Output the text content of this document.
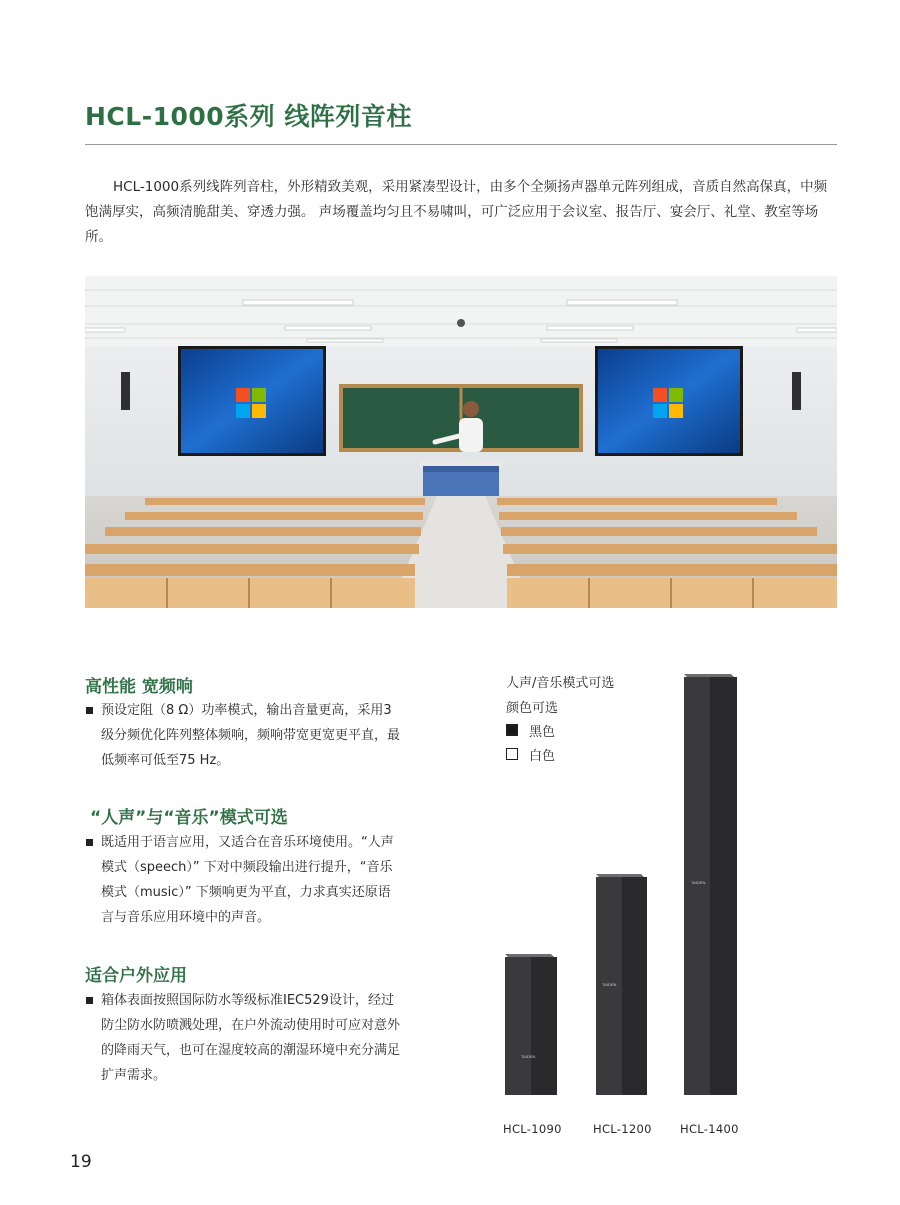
HCL-1000系列 线阵列音柱

HCL-1000系列线阵列音柱，外形精致美观，采用紧凑型设计，由多个全频扬声器单元阵列组成，音质自然高保真，中频饱满厚实，高频清脆甜美、穿透力强。 声场覆盖均匀且不易啸叫，可广泛应用于会议室、报告厅、宴会厅、礼堂、教室等场所。

高性能 宽频响

预设定阻（8 Ω）功率模式，输出音量更高，采用3级分频优化阵列整体频响，频响带宽更宽更平直，最低频率可低至75 Hz。

“人声”与“音乐”模式可选

既适用于语言应用，又适合在音乐环境使用。“人声模式（speech）” 下对中频段输出进行提升，“音乐模式（music）” 下频响更为平直，力求真实还原语言与音乐应用环境中的声音。

适合户外应用

箱体表面按照国际防水等级标准IEC529设计，经过防尘防水防喷溅处理，在户外流动使用时可应对意外的降雨天气，也可在湿度较高的潮湿环境中充分满足扩声需求。

人声/音乐模式可选
颜色可选
黑色
白色
TAIDEN
TAIDEN
TAIDEN
HCL-1090	HCL-1200 HCL-1400
19
